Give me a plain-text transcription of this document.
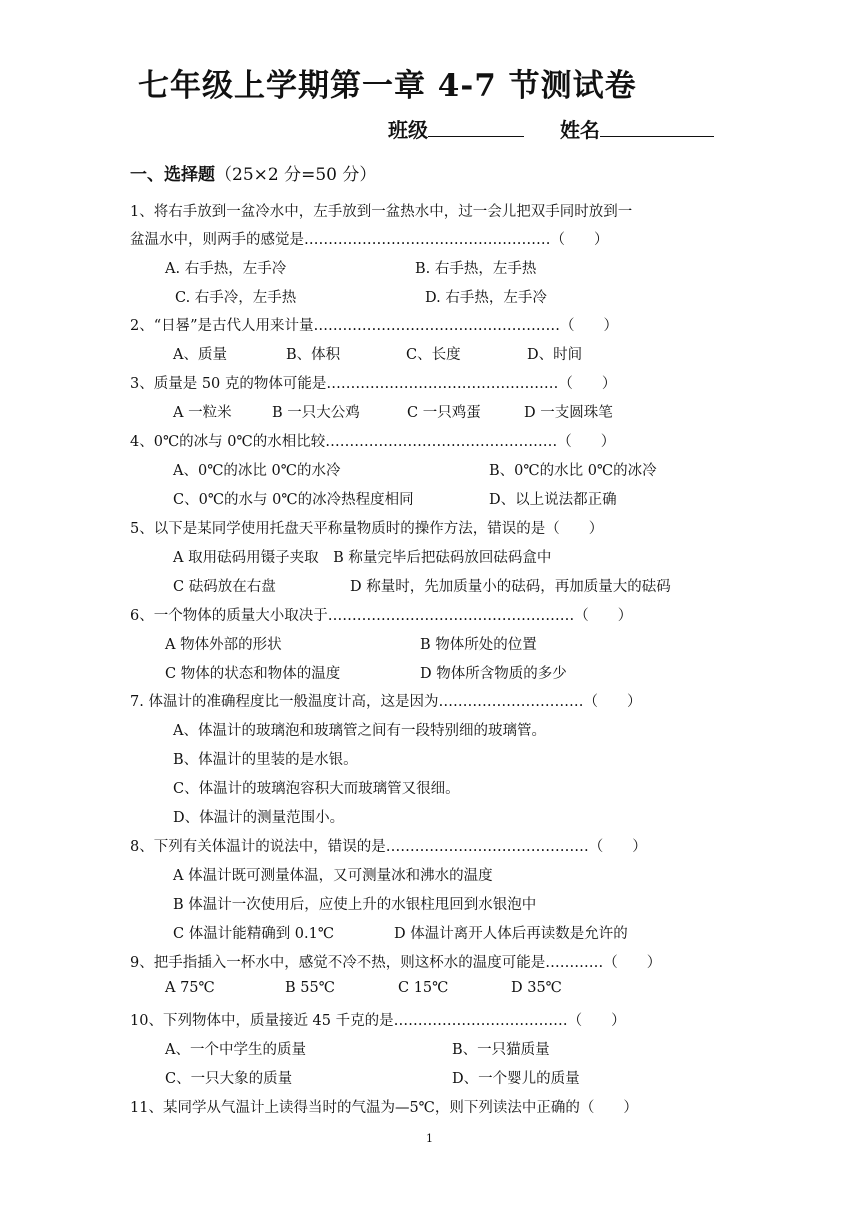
七年级上学期第一章 4-7 节测试卷
班级	姓名
一、选择题（25×2 分=50 分）
1、将右手放到一盆冷水中，左手放到一盆热水中，过一会儿把双手同时放到一
盆温水中，则两手的感觉是……………………………………………（　　）
A. 右手热，左手冷	B. 右手热，左手热
C. 右手冷，左手热	D. 右手热，左手冷
2、“日晷”是古代人用来计量……………………………………………（　　）
A、质量	B、体积	C、长度	D、时间
3、质量是 50 克的物体可能是…………………………………………（　　）
A 一粒米	B 一只大公鸡	C 一只鸡蛋	D 一支圆珠笔
4、0℃的冰与 0℃的水相比较…………………………………………（　　）
A、0℃的冰比 0℃的水冷	B、0℃的水比 0℃的冰冷
C、0℃的水与 0℃的冰冷热程度相同	D、以上说法都正确
5、以下是某同学使用托盘天平称量物质时的操作方法，错误的是（　　）
A 取用砝码用镊子夹取　B 称量完毕后把砝码放回砝码盒中
C 砝码放在右盘	D 称量时，先加质量小的砝码，再加质量大的砝码
6、一个物体的质量大小取决于……………………………………………（　　）
A 物体外部的形状	B 物体所处的位置
C 物体的状态和物体的温度	D 物体所含物质的多少
7. 体温计的准确程度比一般温度计高，这是因为…………………………（　　）
A、体温计的玻璃泡和玻璃管之间有一段特别细的玻璃管。
B、体温计的里装的是水银。
C、体温计的玻璃泡容积大而玻璃管又很细。
D、体温计的测量范围小。
8、下列有关体温计的说法中，错误的是……………………………………（　　）
A 体温计既可测量体温，又可测量冰和沸水的温度
B 体温计一次使用后，应使上升的水银柱甩回到水银泡中
C 体温计能精确到 0.1℃	D 体温计离开人体后再读数是允许的
9、把手指插入一杯水中，感觉不冷不热，则这杯水的温度可能是…………（　　）
A 75℃	B 55℃	C 15℃	D 35℃
10、下列物体中，质量接近 45 千克的是………………………………（　　）
A、一个中学生的质量	B、一只猫质量
C、一只大象的质量	D、一个婴儿的质量
11、某同学从气温计上读得当时的气温为—5℃，则下列读法中正确的（　　）
1
